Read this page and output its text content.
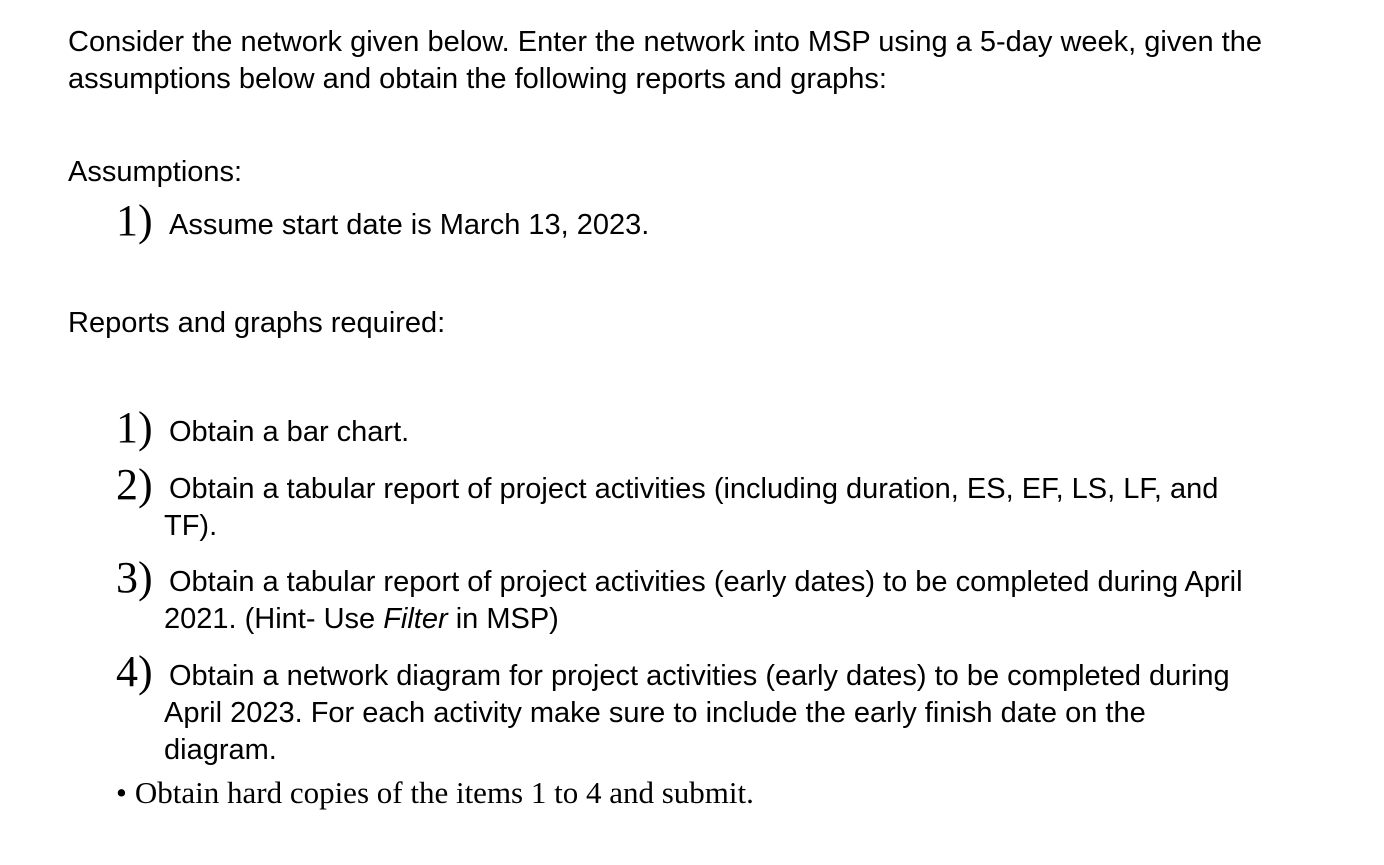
Consider the network given below. Enter the network into MSP using a 5-day week, given the assumptions below and obtain the following reports and graphs:

Assumptions:

1) Assume start date is March 13, 2023.

Reports and graphs required:

1) Obtain a bar chart.
2) Obtain a tabular report of project activities (including duration, ES, EF, LS, LF, and TF).
3) Obtain a tabular report of project activities (early dates) to be completed during April 2021. (Hint- Use Filter in MSP)
4) Obtain a network diagram for project activities (early dates) to be completed during April 2023. For each activity make sure to include the early finish date on the diagram.

• Obtain hard copies of the items 1 to 4 and submit.
